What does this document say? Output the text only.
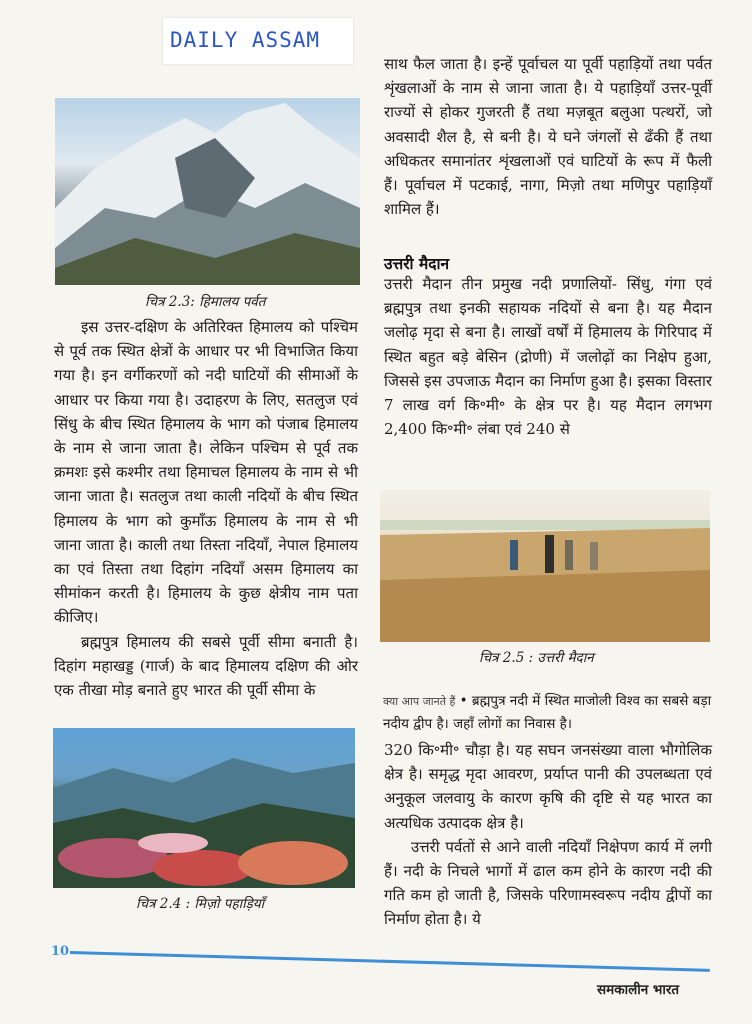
DAILY ASSAM
चित्र 2.3: हिमालय पर्वत

इस उत्तर-दक्षिण के अतिरिक्त हिमालय को पश्चिम से पूर्व तक स्थित क्षेत्रों के आधार पर भी विभाजित किया गया है। इन वर्गीकरणों को नदी घाटियों की सीमाओं के आधार पर किया गया है। उदाहरण के लिए, सतलुज एवं सिंधु के बीच स्थित हिमालय के भाग को पंजाब हिमालय के नाम से जाना जाता है। लेकिन पश्चिम से पूर्व तक क्रमशः इसे कश्मीर तथा हिमाचल हिमालय के नाम से भी जाना जाता है। सतलुज तथा काली नदियों के बीच स्थित हिमालय के भाग को कुमाँऊ हिमालय के नाम से भी जाना जाता है। काली तथा तिस्ता नदियाँ, नेपाल हिमालय का एवं तिस्ता तथा दिहांग नदियाँ असम हिमालय का सीमांकन करती है। हिमालय के कुछ क्षेत्रीय नाम पता कीजिए।

ब्रह्मपुत्र हिमालय की सबसे पूर्वी सीमा बनाती है। दिहांग महाखड्ड (गार्ज) के बाद हिमालय दक्षिण की ओर एक तीखा मोड़ बनाते हुए भारत की पूर्वी सीमा के

चित्र 2.4 : मिज़ो पहाड़ियाँ

साथ फैल जाता है। इन्हें पूर्वाचल या पूर्वी पहाड़ियों तथा पर्वत शृंखलाओं के नाम से जाना जाता है। ये पहाड़ियाँ उत्तर-पूर्वी राज्यों से होकर गुजरती हैं तथा मज़बूत बलुआ पत्थरों, जो अवसादी शैल है, से बनी है। ये घने जंगलों से ढँकी हैं तथा अधिकतर समानांतर शृंखलाओं एवं घाटियों के रूप में फैली हैं। पूर्वाचल में पटकाई, नागा, मिज़ो तथा मणिपुर पहाड़ियाँ शामिल हैं।

उत्तरी मैदान

उत्तरी मैदान तीन प्रमुख नदी प्रणालियों- सिंधु, गंगा एवं ब्रह्मपुत्र तथा इनकी सहायक नदियों से बना है। यह मैदान जलोढ़ मृदा से बना है। लाखों वर्षों में हिमालय के गिरिपाद में स्थित बहुत बड़े बेसिन (द्रोणी) में जलोढ़ों का निक्षेप हुआ, जिससे इस उपजाऊ मैदान का निर्माण हुआ है। इसका विस्तार 7 लाख वर्ग कि॰मी॰ के क्षेत्र पर है। यह मैदान लगभग 2,400 कि॰मी॰ लंबा एवं 240 से

चित्र 2.5 : उत्तरी मैदान
क्या आप जानते हैं • ब्रह्मपुत्र नदी में स्थित माजोली विश्व का सबसे बड़ा नदीय द्वीप है। जहाँ लोगों का निवास है।

320 कि॰मी॰ चौड़ा है। यह सघन जनसंख्या वाला भौगोलिक क्षेत्र है। समृद्ध मृदा आवरण, प्रर्याप्त पानी की उपलब्धता एवं अनुकूल जलवायु के कारण कृषि की दृष्टि से यह भारत का अत्यधिक उत्पादक क्षेत्र है।

उत्तरी पर्वतों से आने वाली नदियाँ निक्षेपण कार्य में लगी हैं। नदी के निचले भागों में ढाल कम होने के कारण नदी की गति कम हो जाती है, जिसके परिणामस्वरूप नदीय द्वीपों का निर्माण होता है। ये

10
समकालीन भारत
